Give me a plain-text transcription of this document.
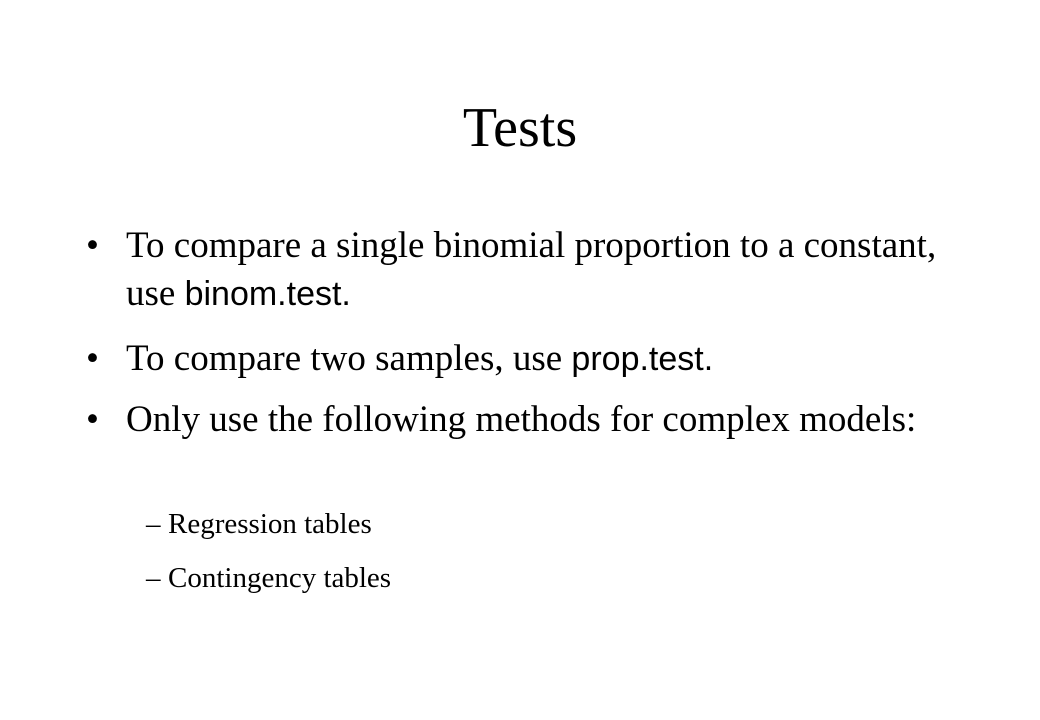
Tests
• To compare a single binomial proportion to a constant, use binom.test.
• To compare two samples, use prop.test.
• Only use the following methods for complex models:
– Regression tables
– Contingency tables
